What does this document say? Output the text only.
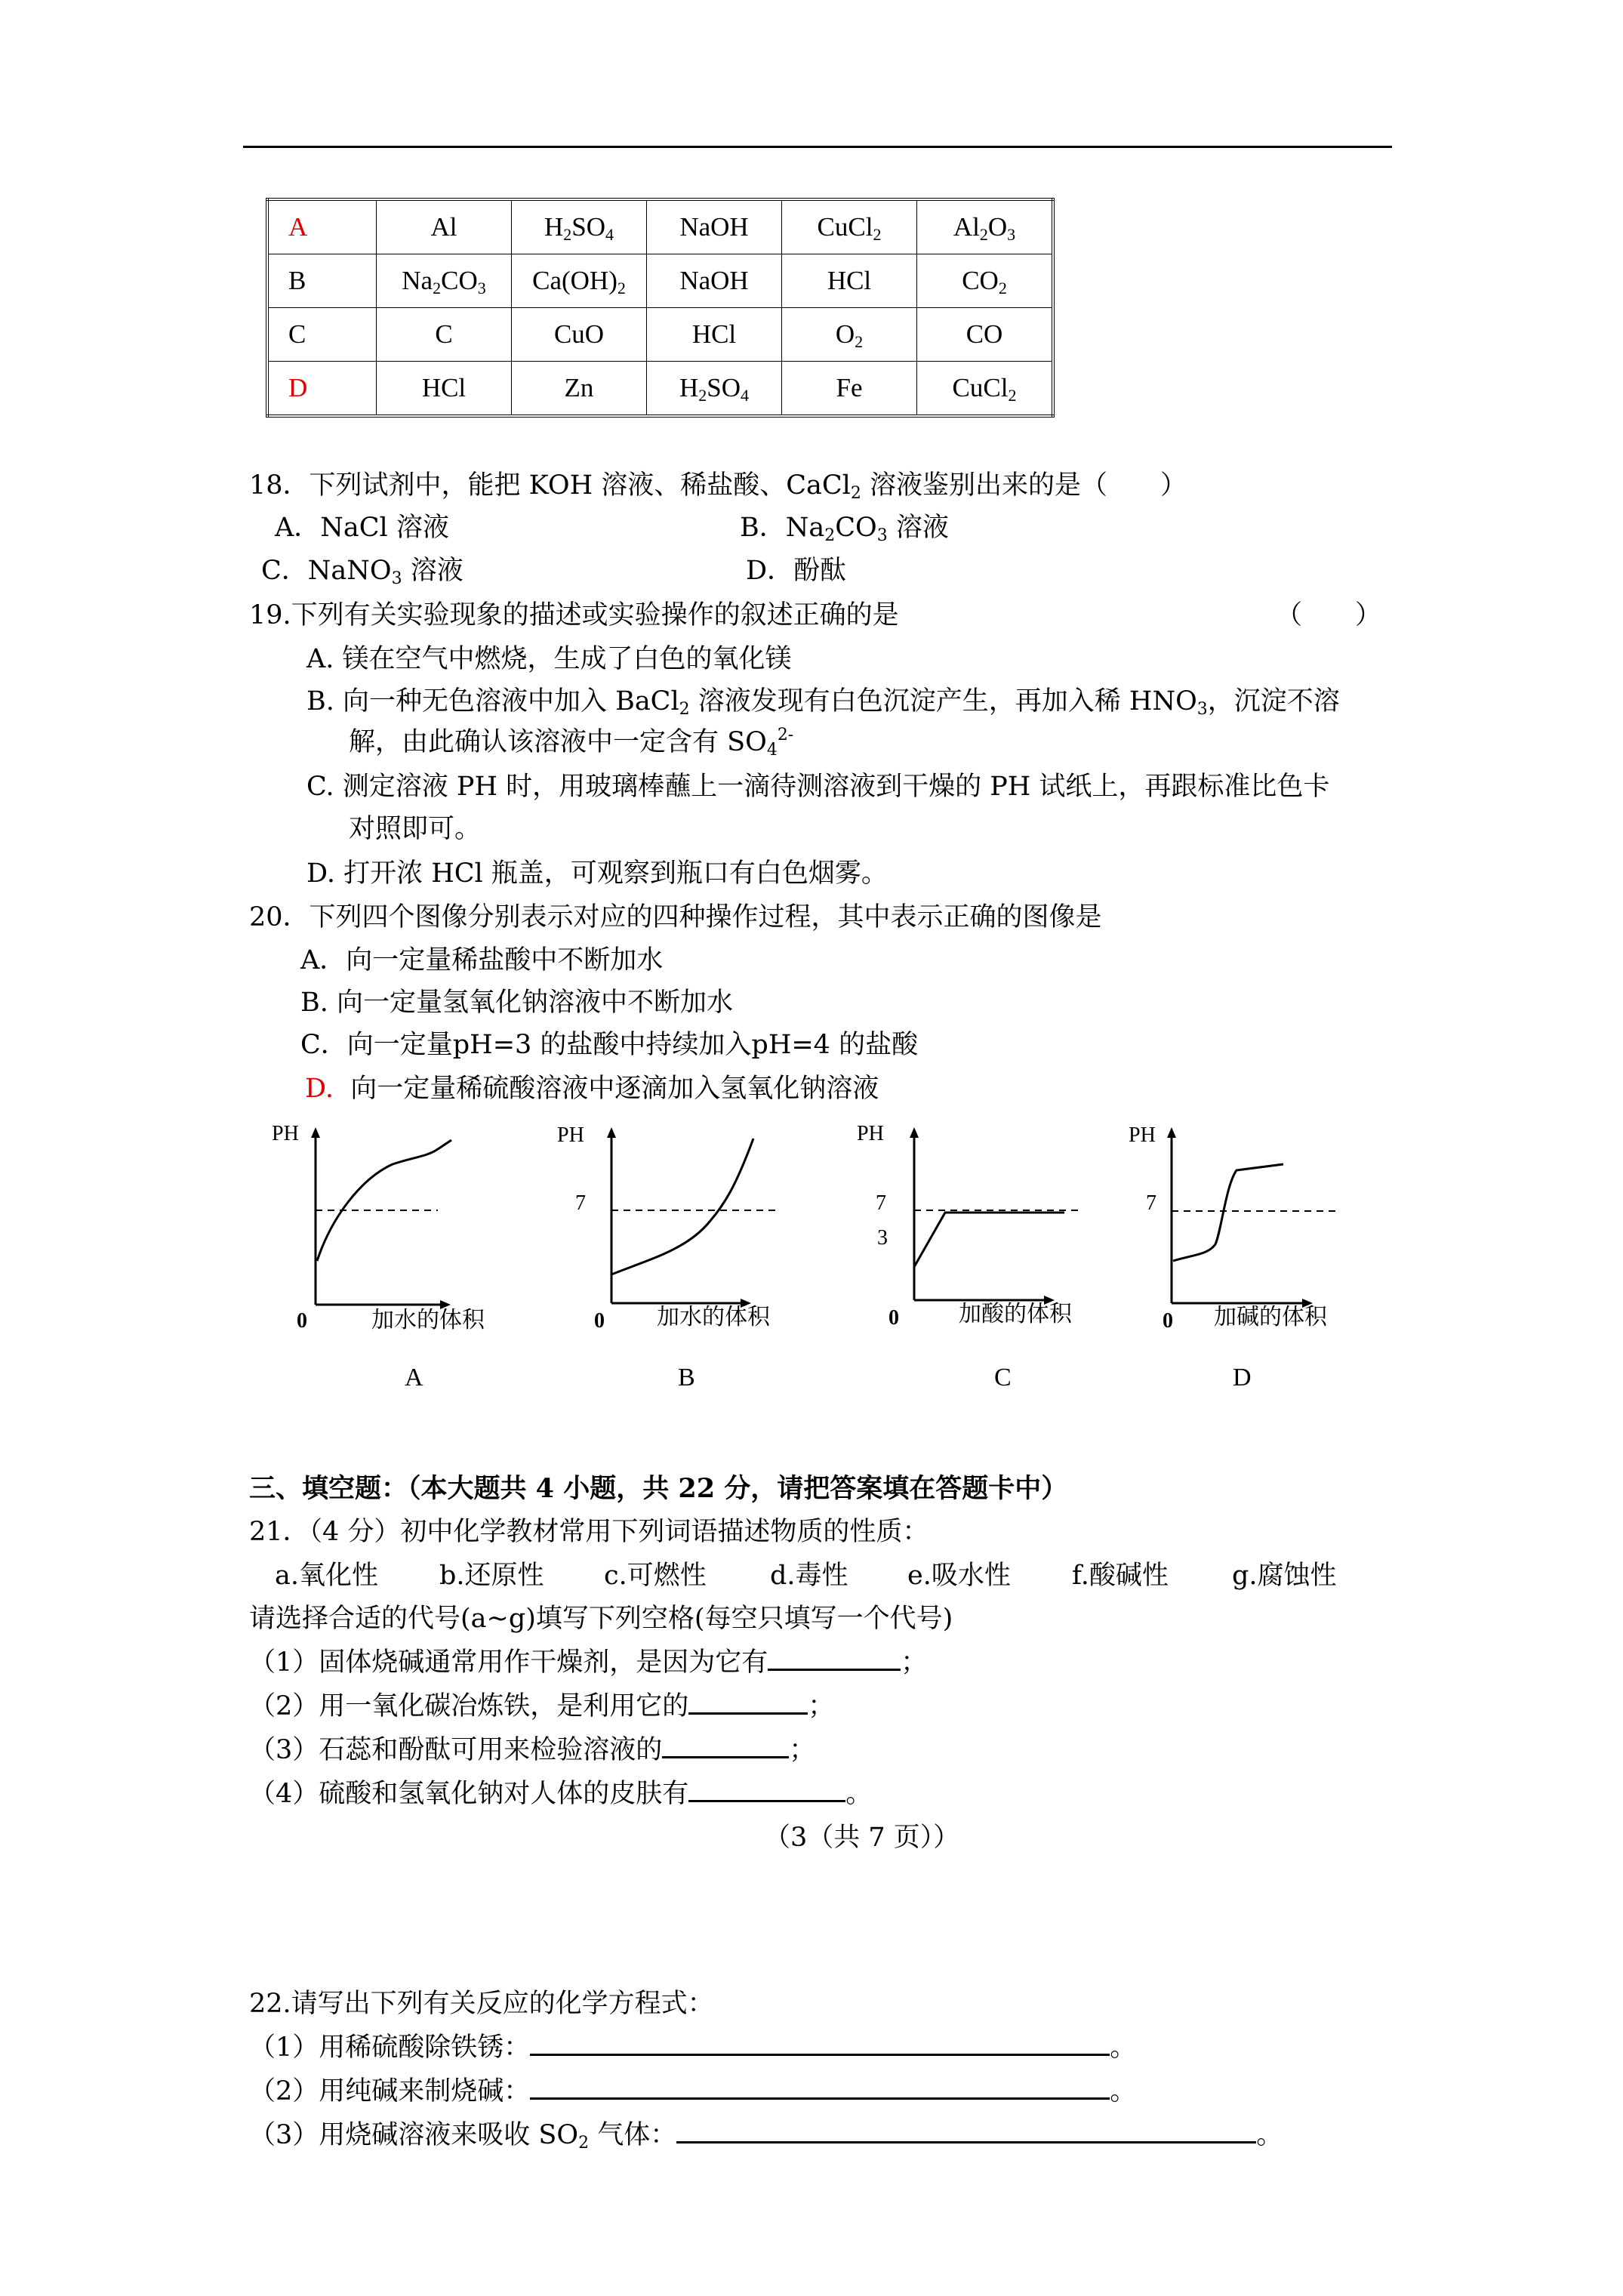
A	Al	$H_2SO_4$	NaOH	CuCl$_2$	$Al_2O_3$
B	$Na_2CO_3$	$Ca(OH)_2$	NaOH	HCl	$CO_2$
C	C	CuO	HCl	$O_2$	CO
D	HCl	Zn	$H_2SO_4$	Fe	CuCl$_2$
18．下列试剂中，能把 KOH 溶液、稀盐酸、CaCl$_2$ 溶液鉴别出来的是（　　）
A．NaCl 溶液	B．$Na_2CO_3$ 溶液
C．NaNO$_3$ 溶液	D．酚酞
19.下列有关实验现象的描述或实验操作的叙述正确的是	（　　）
A. 镁在空气中燃烧，生成了白色的氧化镁
B. 向一种无色溶液中加入 BaCl$_2$ 溶液发现有白色沉淀产生，再加入稀 $HNO_3$，沉淀不溶
解，由此确认该溶液中一定含有 $SO_4^{2-}$
C. 测定溶液 PH 时，用玻璃棒蘸上一滴待测溶液到干燥的 PH 试纸上，再跟标准比色卡
对照即可。
D. 打开浓 HCl 瓶盖，可观察到瓶口有白色烟雾。
20．下列四个图像分别表示对应的四种操作过程，其中表示正确的图像是
A．向一定量稀盐酸中不断加水
B. 向一定量氢氧化钠溶液中不断加水
C．向一定量pH=3 的盐酸中持续加入pH=4 的盐酸
D. 向一定量稀硫酸溶液中逐滴加入氢氧化钠溶液
PH
0	加水的体积
A
PH
7
0 加水的体积
B
PH
7
3
0	加酸的体积
C
PH
7
0 加碱的体积
D
三、填空题：（本大题共 4 小题，共 22 分，请把答案填在答题卡中）
21．（4 分）初中化学教材常用下列词语描述物质的性质：
a.氧化性 b.还原性 c.可燃性 d.毒性 e.吸水性 f.酸碱性 g.腐蚀性
请选择合适的代号(a~g)填写下列空格(每空只填写一个代号)
（1）固体烧碱通常用作干燥剂，是因为它有	；
（2）用一氧化碳冶炼铁，是利用它的	；
（3）石蕊和酚酞可用来检验溶液的	；
（4）硫酸和氢氧化钠对人体的皮肤有	。
（3（共 7 页））
22.请写出下列有关反应的化学方程式：
（1）用稀硫酸除铁锈：	。
（2）用纯碱来制烧碱：	。
（3）用烧碱溶液来吸收 $SO_2$ 气体：	。
